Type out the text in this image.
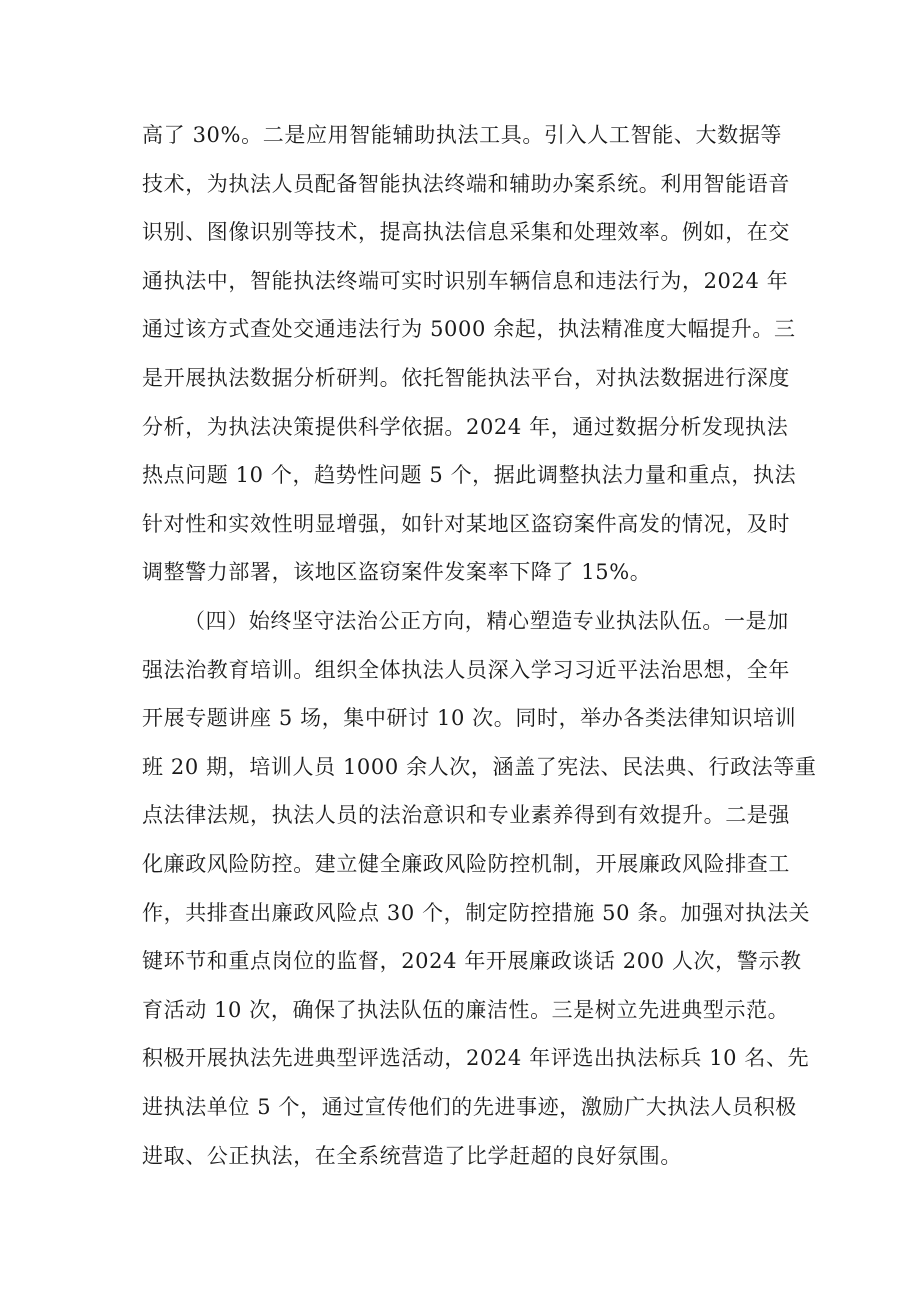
高了 30%。二是应用智能辅助执法工具。引入人工智能、大数据等
技术，为执法人员配备智能执法终端和辅助办案系统。利用智能语音
识别、图像识别等技术，提高执法信息采集和处理效率。例如，在交
通执法中，智能执法终端可实时识别车辆信息和违法行为，2024 年
通过该方式查处交通违法行为 5000 余起，执法精准度大幅提升。三
是开展执法数据分析研判。依托智能执法平台，对执法数据进行深度
分析，为执法决策提供科学依据。2024 年，通过数据分析发现执法
热点问题 10 个，趋势性问题 5 个，据此调整执法力量和重点，执法
针对性和实效性明显增强，如针对某地区盗窃案件高发的情况，及时
调整警力部署，该地区盗窃案件发案率下降了 15%。
（四）始终坚守法治公正方向，精心塑造专业执法队伍。一是加
强法治教育培训。组织全体执法人员深入学习习近平法治思想，全年
开展专题讲座 5 场，集中研讨 10 次。同时，举办各类法律知识培训
班 20 期，培训人员 1000 余人次，涵盖了宪法、民法典、行政法等重
点法律法规，执法人员的法治意识和专业素养得到有效提升。二是强
化廉政风险防控。建立健全廉政风险防控机制，开展廉政风险排查工
作，共排查出廉政风险点 30 个，制定防控措施 50 条。加强对执法关
键环节和重点岗位的监督，2024 年开展廉政谈话 200 人次，警示教
育活动 10 次，确保了执法队伍的廉洁性。三是树立先进典型示范。
积极开展执法先进典型评选活动，2024 年评选出执法标兵 10 名、先
进执法单位 5 个，通过宣传他们的先进事迹，激励广大执法人员积极
进取、公正执法，在全系统营造了比学赶超的良好氛围。
